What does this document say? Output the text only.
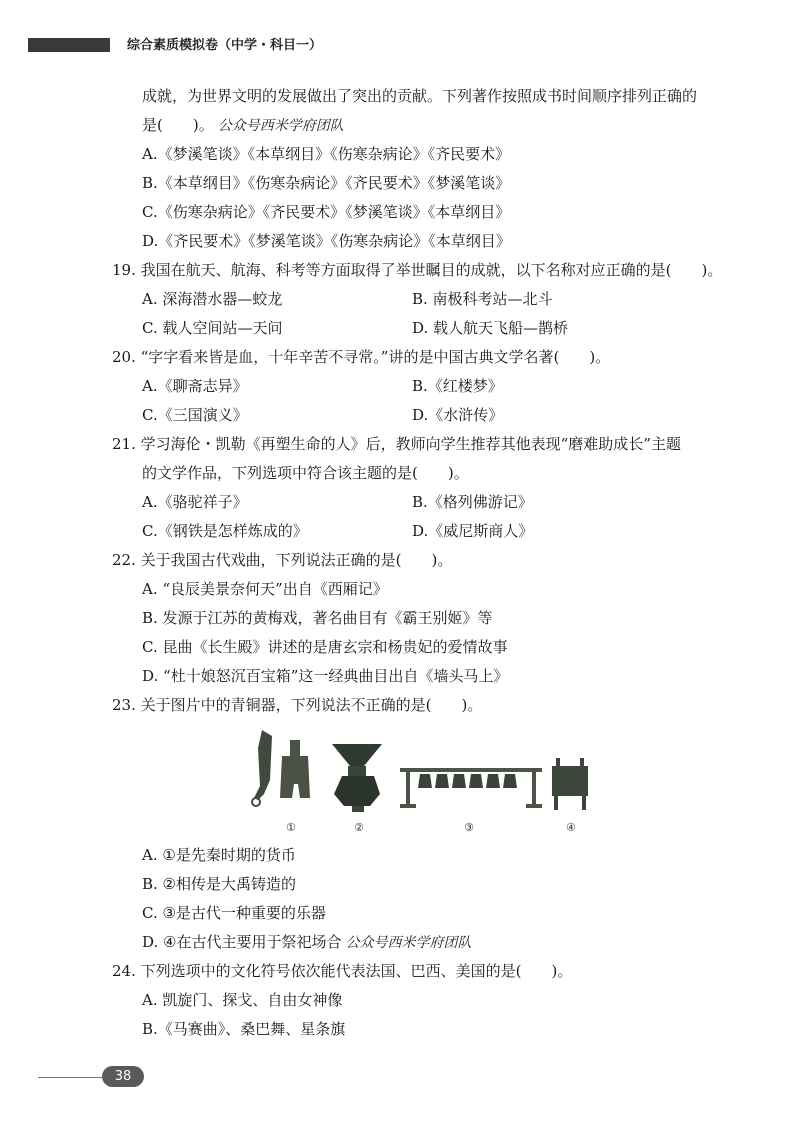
综合素质模拟卷（中学・科目一）
成就，为世界文明的发展做出了突出的贡献。下列著作按照成书时间顺序排列正确的
是(　　)。 公众号西米学府团队
A.《梦溪笔谈》《本草纲目》《伤寒杂病论》《齐民要术》
B.《本草纲目》《伤寒杂病论》《齐民要术》《梦溪笔谈》
C.《伤寒杂病论》《齐民要术》《梦溪笔谈》《本草纲目》
D.《齐民要术》《梦溪笔谈》《伤寒杂病论》《本草纲目》
19. 我国在航天、航海、科考等方面取得了举世瞩目的成就，以下名称对应正确的是(　　)。
A. 深海潜水器—蛟龙	B. 南极科考站—北斗
C. 载人空间站—天问	D. 载人航天飞船—鹊桥
20. “字字看来皆是血，十年辛苦不寻常。”讲的是中国古典文学名著(　　)。
A.《聊斋志异》	B.《红楼梦》
C.《三国演义》	D.《水浒传》
21. 学习海伦・凯勒《再塑生命的人》后，教师向学生推荐其他表现“磨难助成长”主题
的文学作品，下列选项中符合该主题的是(　　)。
A.《骆驼祥子》	B.《格列佛游记》
C.《钢铁是怎样炼成的》	D.《威尼斯商人》
22. 关于我国古代戏曲，下列说法正确的是(　　)。
A. “良辰美景奈何天”出自《西厢记》
B. 发源于江苏的黄梅戏，著名曲目有《霸王别姬》等
C. 昆曲《长生殿》讲述的是唐玄宗和杨贵妃的爱情故事
D. “杜十娘怒沉百宝箱”这一经典曲目出自《墙头马上》
23. 关于图片中的青铜器，下列说法不正确的是(　　)。
①	②	③	④
A. ①是先秦时期的货币
B. ②相传是大禹铸造的
C. ③是古代一种重要的乐器
D. ④在古代主要用于祭祀场合 公众号西米学府团队
24. 下列选项中的文化符号依次能代表法国、巴西、美国的是(　　)。
A. 凯旋门、探戈、自由女神像
B.《马赛曲》、桑巴舞、星条旗
38
